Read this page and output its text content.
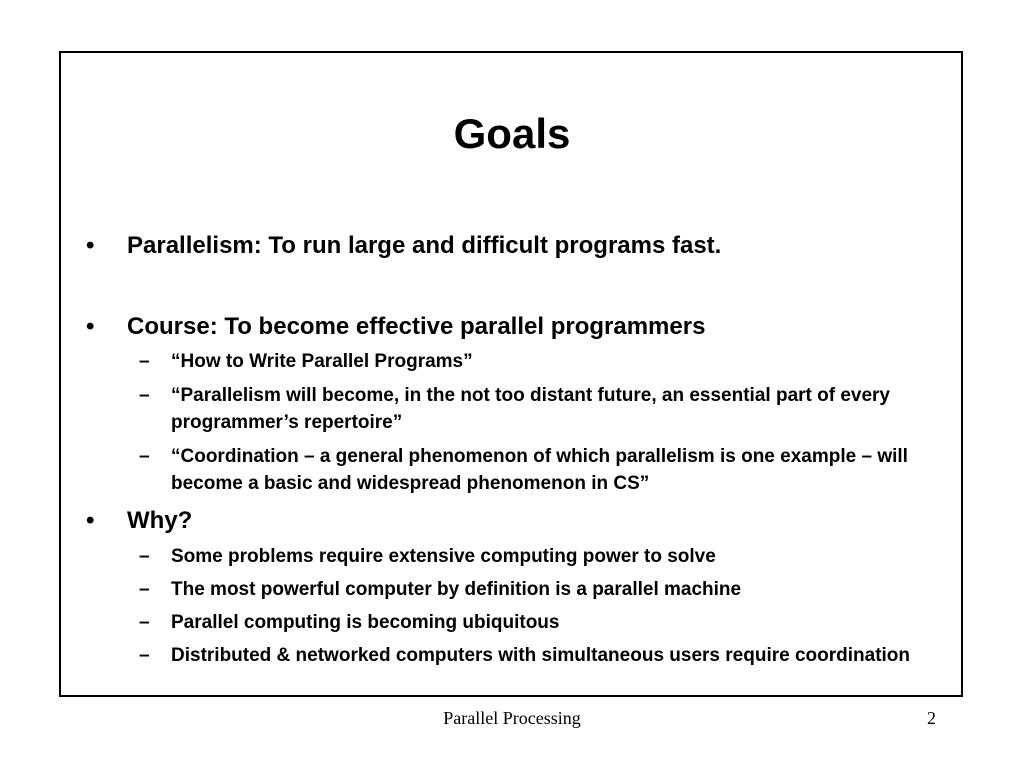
Goals
• Parallelism: To run large and difficult programs fast.
• Course: To become effective parallel programmers
– “How to Write Parallel Programs”
– “Parallelism will become, in the not too distant future, an essential part of every programmer’s repertoire”
– “Coordination – a general phenomenon of which parallelism is one example – will become a basic and widespread phenomenon in CS”
• Why?
– Some problems require extensive computing power to solve
– The most powerful computer by definition is a parallel machine
– Parallel computing is becoming ubiquitous
– Distributed & networked computers with simultaneous users require coordination
Parallel Processing	2
